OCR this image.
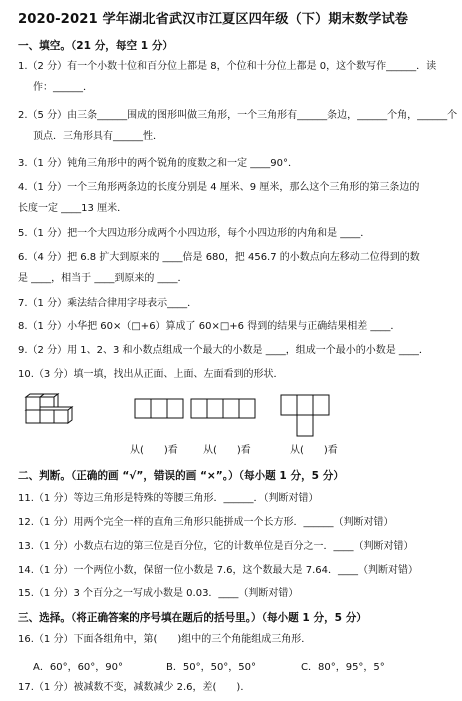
2020-2021 学年湖北省武汉市江夏区四年级（下）期末数学试卷
一、填空。（21 分，每空 1 分）
1.（2 分）有一个小数十位和百分位上都是 8，个位和十分位上都是 0，这个数写作______．读
作：______．
2.（5 分）由三条______围成的图形叫做三角形，一个三角形有______条边，______个角，______个
顶点．三角形具有______性．
3.（1 分）钝角三角形中的两个锐角的度数之和一定 ____90°．
4.（1 分）一个三角形两条边的长度分别是 4 厘米、9 厘米，那么这个三角形的第三条边的
长度一定 ____13 厘米．
5.（1 分）把一个大四边形分成两个小四边形，每个小四边形的内角和是 ____．
6.（4 分）把 6.8 扩大到原来的 ____倍是 680，把 456.7 的小数点向左移动二位得到的数
是 ____，相当于 ____到原来的 ____．
7.（1 分）乘法结合律用字母表示____．
8.（1 分）小华把 60×（□+6）算成了 60×□+6 得到的结果与正确结果相差 ____．
9.（2 分）用 1、2、3 和小数点组成一个最大的小数是 ____，组成一个最小的小数是 ____．
10.（3 分）填一填，找出从正面、上面、左面看到的形状．
从(　　)看	从(　　)看	从(　　)看
二、判断。（正确的画 “√”，错误的画 “×”。）（每小题 1 分，5 分）
11.（1 分）等边三角形是特殊的等腰三角形．______．（判断对错）
12.（1 分）用两个完全一样的直角三角形只能拼成一个长方形．______（判断对错）
13.（1 分）小数点右边的第三位是百分位，它的计数单位是百分之一．____（判断对错）
14.（1 分）一个两位小数，保留一位小数是 7.6，这个数最大是 7.64．____（判断对错）
15.（1 分）3 个百分之一写成小数是 0.03．____（判断对错）
三、选择。（将正确答案的序号填在题后的括号里。）（每小题 1 分，5 分）
16.（1 分）下面各组角中，第(　　)组中的三个角能组成三角形．
A．60°，60°，90°	B．50°，50°，50°	C．80°，95°，5°
17.（1 分）被减数不变，减数减少 2.6，差(　　)．
